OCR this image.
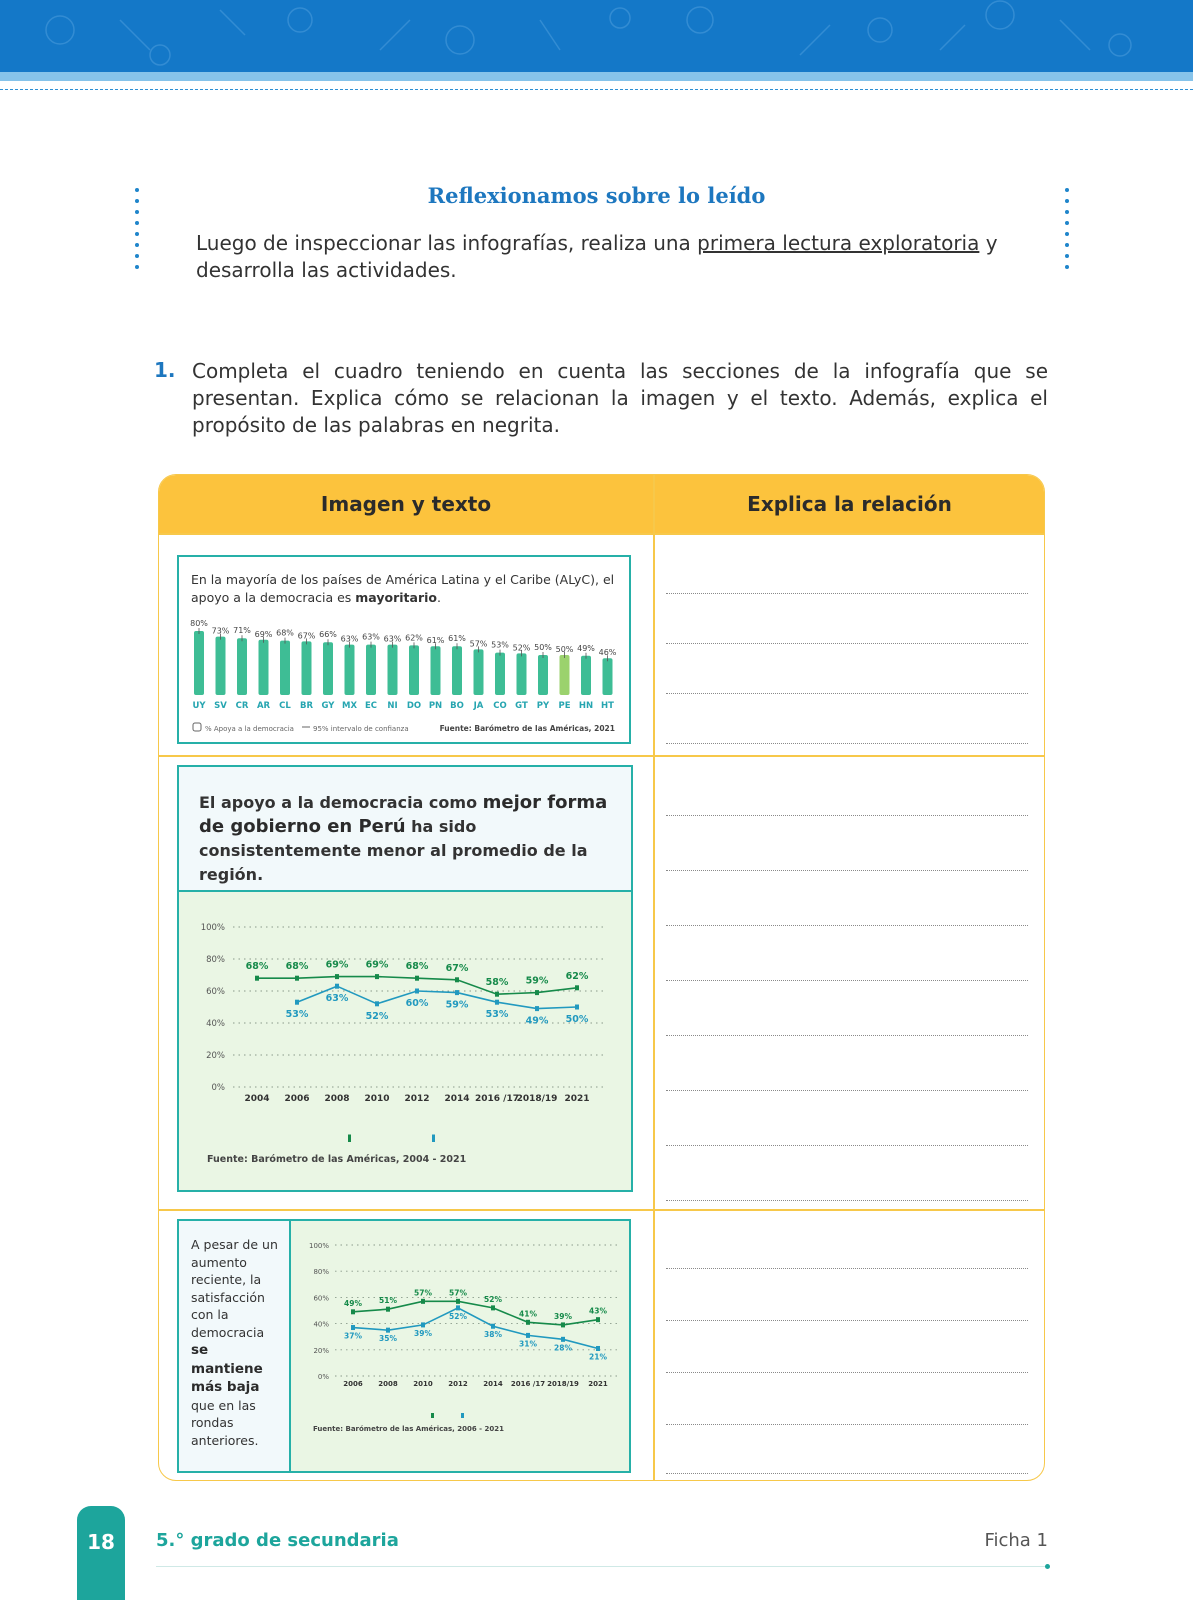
Reflexionamos sobre lo leído
Luego de inspeccionar las infografías, realiza una primera lectura exploratoria y desarrolla las actividades.
1. Completa el cuadro teniendo en cuenta las secciones de la infografía que se presentan. Explica cómo se relacionan la imagen y el texto. Además, explica el propósito de las palabras en negrita.
Imagen y texto	Explica la relación
En la mayoría de los países de América Latina y el Caribe (ALyC), el apoyo a la democracia es mayoritario.
80%
UY
73%
SV
71%
CR
69%
AR
68%
CL
67%
BR
66%
GY
63%
MX
63%
EC
63%
NI
62%
DO
61%
PN
61%
BO
57%
JA
53%
CO
52%
GT
50%
PY
50%
PE
49%
HN
46%
HT
% Apoya a la democracia	95% intervalo de confianza	Fuente: Barómetro de las Américas, 2021
El apoyo a la democracia como mejor forma de gobierno en Perú ha sido consistentemente menor al promedio de la región.
100%
80%
60%
40%
20%
0%
2004 2006 2008 2010 2012 2014 2016 /17
2018/19 2021
68% 68% 69% 69% 68% 67%
58% 59% 62%
53%
63%
52%
60% 59%
53%
49% 50%
Fuente: Barómetro de las Américas, 2004 - 2021
A pesar de un aumento reciente, la satisfacción con la democracia se mantiene más baja que en las rondas anteriores.
100%
80%
60%
40%
20%
0%
2006 2008 2010 2012 2014 2016 /17 2018/19 2021
49% 51%
57% 57%
52%
41% 39%
43%
37% 35%
39%
52%
38%
31% 28%
21%
Fuente: Barómetro de las Américas, 2006 - 2021
18	5.° grado de secundaria	Ficha 1
